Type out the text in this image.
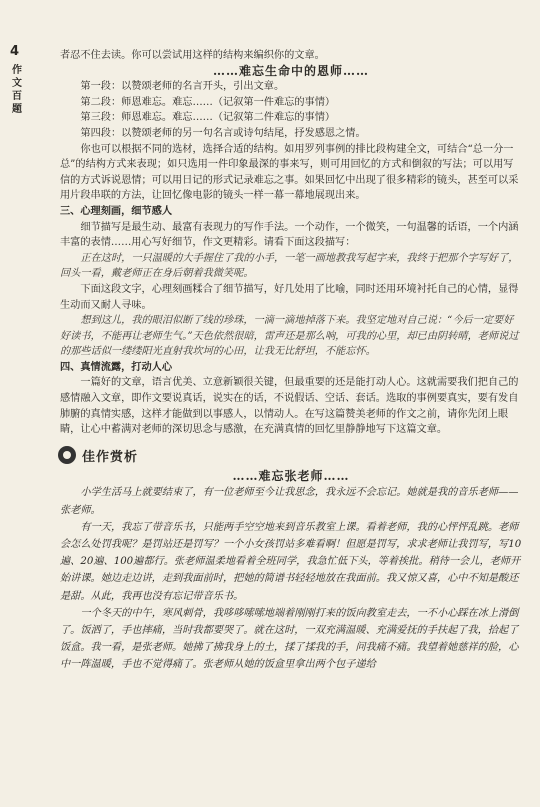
4
作文百题

者忍不住去读。你可以尝试用这样的结构来编织你的文章。

……难忘生命中的恩师……

第一段：以赞颂老师的名言开头，引出文章。

第二段：师恩难忘。难忘……（记叙第一件难忘的事情）

第三段：师恩难忘。难忘……（记叙第二件难忘的事情）

第四段：以赞颂老师的另一句名言或诗句结尾，抒发感恩之情。

你也可以根据不同的选材，选择合适的结构。如用罗列事例的排比段构建全文，可结合“总一分一总”的结构方式来表现；如只选用一件印象最深的事来写，则可用回忆的方式和倒叙的写法；可以用写信的方式诉说恩情；可以用日记的形式记录难忘之事。如果回忆中出现了很多精彩的镜头，甚至可以采用片段串联的方法，让回忆像电影的镜头一样一幕一幕地展现出来。

三、心理刻画，细节感人

细节描写是最生动、最富有表现力的写作手法。一个动作，一个微笑，一句温馨的话语，一个内涵丰富的表情……用心写好细节，作文更精彩。请看下面这段描写：

正在这时，一只温暖的大手握住了我的小手，一笔一画地教我写起字来，我终于把那个字写好了，回头一看，戴老师正在身后朝着我微笑呢。

下面这段文字，心理刻画糅合了细节描写，好几处用了比喻，同时还用环境衬托自己的心情，显得生动而又耐人寻味。

想到这儿，我的眼泪似断了线的珍珠，一滴一滴地掉落下来。我坚定地对自己说：“今后一定要好好读书，不能再让老师生气。”天色依然很暗，雷声还是那么响，可我的心里，却已由阴转晴，老师说过的那些话似一缕缕阳光直射我坎坷的心田，让我无比舒坦，不能忘怀。

四、真情流露，打动人心

一篇好的文章，语言优美、立意新颖很关键，但最重要的还是能打动人心。这就需要我们把自己的感情融入文章，即作文要说真话，说实在的话，不说假话、空话、套话。选取的事例要真实，要有发自肺腑的真情实感，这样才能做到以事感人，以情动人。在写这篇赞美老师的作文之前，请你先闭上眼睛，让心中蓄满对老师的深切思念与感激，在充满真情的回忆里静静地写下这篇文章。

佳作赏析

……难忘张老师……

小学生活马上就要结束了，有一位老师至今让我思念，我永远不会忘记。她就是我的音乐老师——张老师。

有一天，我忘了带音乐书，只能两手空空地来到音乐教室上课。看着老师，我的心怦怦乱跳。老师会怎么处罚我呢？是罚站还是罚写？一个小女孩罚站多难看啊！但愿是罚写，求求老师让我罚写，写10遍、20遍、100遍都行。张老师温柔地看着全班同学，我急忙低下头，等着挨批。稍待一会儿，老师开始讲课。她边走边讲，走到我面前时，把她的简谱书轻轻地放在我面前。我又惊又喜，心中不知是酸还是甜。从此，我再也没有忘记带音乐书。

一个冬天的中午，寒风刺骨，我哆哆嗦嗦地端着刚刚打来的饭向教室走去，一不小心踩在冰上滑倒了。饭洒了，手也摔痛，当时我都要哭了。就在这时，一双充满温暖、充满爱抚的手扶起了我，拾起了饭盒。我一看，是张老师。她拂了拂我身上的土，揉了揉我的手，问我痛不痛。我望着她慈祥的脸，心中一阵温暖，手也不觉得痛了。张老师从她的饭盒里拿出两个包子递给
